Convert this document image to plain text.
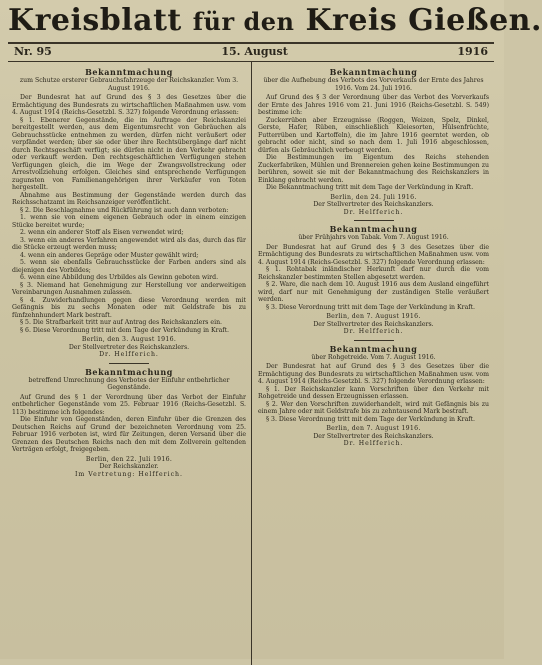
Kreisblatt für den Kreis Gießen.
Nr. 95	15. August	1916
Bekanntmachung
zum Schutze ersterer Gebrauchsfahrzeuge der Reichskanzler. Vom 3. August 1916.

Der Bundesrat hat auf Grund des § 3 des Gesetzes über die Ermächtigung des Bundesrats zu wirtschaftlichen Maßnahmen usw. vom 4. August 1914 (Reichs-Gesetzbl. S. 327) folgende Verordnung erlassen:

§ 1. Ebenerer Gegenstände, die im Auftrage der Reichskanzlei bereitgestellt werden, aus dem Eigentumsrecht von Gebräuchen als Gebrauchsstücke entnehmen zu werden, dürfen nicht veräußert oder verpfändet werden; über sie oder über ihre Rechtsübergänge darf nicht durch Rechtsgeschäft verfügt; sie dürfen nicht in den Verkehr gebracht oder verkauft werden. Den rechtsgeschäftlichen Verfügungen stehen Verfügungen gleich, die im Wege der Zwangsvollstreckung oder Arrestvollziehung erfolgen. Gleiches sind entsprechende Verfügungen zugunsten von Familienangehörigen ihrer Verkäufer von Toten hergestellt.

Abnahme aus Bestimmung der Gegenstände werden durch das Reichsschatzamt im Reichsanzeiger veröffentlicht.

§ 2. Die Beschlagnahme und Rückführung ist auch dann verboten:

1. wenn sie von einem eigenen Gebrauch oder in einem einzigen Stücke bereitet wurde;

2. wenn ein anderer Stoff als Eisen verwendet wird;

3. wenn ein anderes Verfahren angewendet wird als das, durch das für die Stücke erzeugt werden muss;

4. wenn ein anderes Gepräge oder Muster gewählt wird;

5. wenn sie ebenfalls Gebrauchsstücke der Farben anders sind als diejenigen des Vorbildes;

6. wenn eine Abbildung des Urbildes als Gewinn geboten wird.

§ 3. Niemand hat Genehmigung zur Herstellung vor anderweitigen Vereinbarungen Ausnahmen zulassen.

§ 4. Zuwiderhandlungen gegen diese Verordnung werden mit Gefängnis bis zu sechs Monaten oder mit Geldstrafe bis zu fünfzehnhundert Mark bestraft.

§ 5. Die Strafbarkeit tritt nur auf Antrag des Reichskanzlers ein.

§ 6. Diese Verordnung tritt mit dem Tage der Verkündung in Kraft.

Berlin, den 3. August 1916.
Der Stellvertreter des Reichskanzlers.
Dr. Helfferich.
Bekanntmachung
betreffend Umrechnung des Verbotes der Einfuhr entbehrlicher Gegenstände.

Auf Grund des § 1 der Verordnung über das Verbot der Einfuhr entbehrlicher Gegenstände vom 25. Februar 1916 (Reichs-Gesetzbl. S. 113) bestimme ich folgendes:

Die Einfuhr von Gegenständen, deren Einfuhr über die Grenzen des Deutschen Reichs auf Grund der bezeichneten Verordnung vom 25. Februar 1916 verboten ist, wird für Zeitungen, deren Versand über die Grenzen des Deutschen Reichs nach den mit dem Zollverein geltenden Verträgen erfolgt, freigegeben.

Berlin, den 22. Juli 1916.
Der Reichskanzler.
Im Vertretung: Helfferich.
Bekanntmachung
über die Aufhebung des Verbots des Vorverkaufs der Ernte des Jahres 1916. Vom 24. Juli 1916.

Auf Grund des § 3 der Verordnung über das Verbot des Vorverkaufs der Ernte des Jahres 1916 vom 21. Juni 1916 (Reichs-Gesetzbl. S. 549) bestimme ich:

Zuckerrüben aber Erzeugnisse (Roggen, Weizen, Spelz, Dinkel, Gerste, Hafer, Rüben, einschließlich Kleiesorten, Hülsenfrüchte, Futterrüben und Kartoffeln), die im Jahre 1916 geerntet werden, ob gebracht oder nicht, sind so nach dem 1. Juli 1916 abgeschlossen, dürfen als Gebräuchlich verbeugt werden.

Die Bestimmungen im Eigentum des Reichs stehenden Zuckerfabriken, Mühlen und Brennereien gehen keine Bestimmungen zu berühren, soweit sie mit der Bekanntmachung des Reichskanzlers in Einklang gebracht werden.

Die Bekanntmachung tritt mit dem Tage der Verkündung in Kraft.

Berlin, den 24. Juli 1916.
Der Stellvertreter des Reichskanzlers.
Dr. Helfferich.
Bekanntmachung
über Frühjahrs von Tabak. Vom 7. August 1916.

Der Bundesrat hat auf Grund des § 3 des Gesetzes über die Ermächtigung des Bundesrats zu wirtschaftlichen Maßnahmen usw. vom 4. August 1914 (Reichs-Gesetzbl. S. 327) folgende Verordnung erlassen:

§ 1. Rohtabak inländischer Herkunft darf nur durch die vom Reichskanzler bestimmten Stellen abgesetzt werden.

§ 2. Ware, die nach dem 10. August 1916 aus dem Ausland eingeführt wird, darf nur mit Genehmigung der zuständigen Stelle veräußert werden.

§ 3. Diese Verordnung tritt mit dem Tage der Verkündung in Kraft.

Berlin, den 7. August 1916.
Der Stellvertreter des Reichskanzlers.
Dr. Helfferich.
Bekanntmachung
über Rohgetreide. Vom 7. August 1916.

Der Bundesrat hat auf Grund des § 3 des Gesetzes über die Ermächtigung des Bundesrats zu wirtschaftlichen Maßnahmen usw. vom 4. August 1914 (Reichs-Gesetzbl. S. 327) folgende Verordnung erlassen:

§ 1. Der Reichskanzler kann Vorschriften über den Verkehr mit Rohgetreide und dessen Erzeugnissen erlassen.

§ 2. Wer den Vorschriften zuwiderhandelt, wird mit Gefängnis bis zu einem Jahre oder mit Geldstrafe bis zu zehntausend Mark bestraft.

§ 3. Diese Verordnung tritt mit dem Tage der Verkündung in Kraft.

Berlin, den 7. August 1916.
Der Stellvertreter des Reichskanzlers.
Dr. Helfferich.
